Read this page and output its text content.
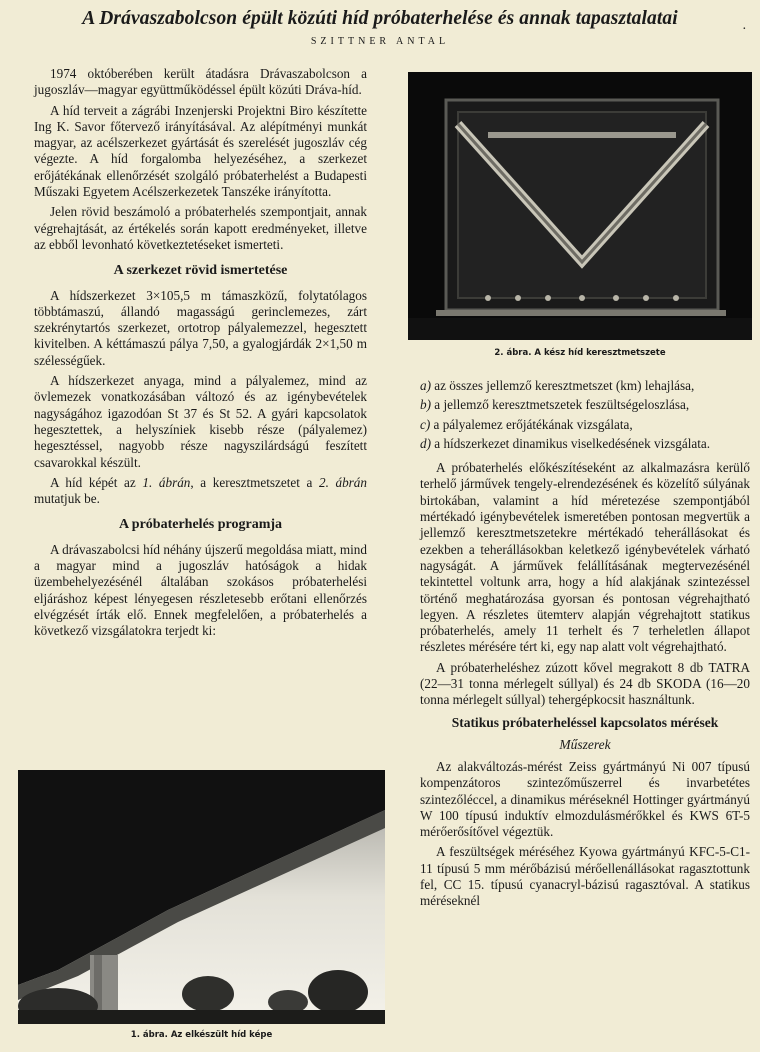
A Drávaszabolcson épült közúti híd próbaterhelése és annak tapasztalatai
SZITTNER ANTAL
·

1974 októberében került átadásra Drávaszabolcson a jugoszláv—magyar együttműködéssel épült közúti Dráva-híd.

A híd terveit a zágrábi Inzenjerski Projektni Biro készítette Ing K. Savor főtervező irányításával. Az alépítményi munkát magyar, az acélszerkezet gyártását és szerelését jugoszláv cég végezte. A híd forgalomba helyezéséhez, a szerkezet erőjátékának ellenőrzését szolgáló próbaterhelést a Budapesti Műszaki Egyetem Acélszerkezetek Tanszéke irányította.

Jelen rövid beszámoló a próbaterhelés szempontjait, annak végrehajtását, az értékelés során kapott eredményeket, illetve az ebből levonható következtetéseket ismerteti.

A szerkezet rövid ismertetése

A hídszerkezet 3×105,5 m támaszközű, folytatólagos többtámaszú, állandó magasságú gerinclemezes, zárt szekrénytartós szerkezet, ortotrop pályalemezzel, hegesztett kivitelben. A kéttámaszú pálya 7,50, a gyalogjárdák 2×1,50 m szélességűek.

A hídszerkezet anyaga, mind a pályalemez, mind az övlemezek vonatkozásában változó és az igénybevételek nagyságához igazodóan St 37 és St 52. A gyári kapcsolatok hegesztettek, a helyszíniek kisebb része (pályalemez) hegesztéssel, nagyobb része nagyszilárdságú feszített csavarokkal készült.

A híd képét az 1. ábrán, a keresztmetszetet a 2. ábrán mutatjuk be.

A próbaterhelés programja

A drávaszabolcsi híd néhány újszerű megoldása miatt, mind a magyar mind a jugoszláv hatóságok a hidak üzembehelyezésénél általában szokásos próbaterhelési eljáráshoz képest lényegesen részletesebb erőtani ellenőrzés elvégzését írták elő. Ennek megfelelően, a próbaterhelés a következő vizsgálatokra terjedt ki:

1. ábra. Az elkészült híd képe
2. ábra. A kész híd keresztmetszete
a) az összes jellemző keresztmetszet (km) lehajlása,
b) a jellemző keresztmetszetek feszültségeloszlása,
c) a pályalemez erőjátékának vizsgálata,
d) a hídszerkezet dinamikus viselkedésének vizsgálata.

A próbaterhelés előkészítéseként az alkalmazásra kerülő terhelő járművek tengely-elrendezésének és közelítő súlyának birtokában, valamint a híd méretezése szempontjából mértékadó igénybevételek ismeretében pontosan megvertük a jellemző keresztmetszetekre mértékadó teherállásokat és ezekben a teherállásokban keletkező igénybevételek várható nagyságát. A járművek felállításának megtervezésénél tekintettel voltunk arra, hogy a híd alakjának szintezéssel történő meghatározása gyorsan és pontosan végrehajtható legyen. A részletes ütemterv alapján végrehajtott statikus próbaterhelés, amely 11 terhelt és 7 terheletlen állapot részletes mérésére tért ki, egy nap alatt volt végrehajtható.

A próbaterheléshez zúzott kővel megrakott 8 db TATRA (22—31 tonna mérlegelt súllyal) és 24 db SKODA (16—20 tonna mérlegelt súllyal) tehergépkocsit használtunk.

Statikus próbaterheléssel kapcsolatos mérések
Műszerek

Az alakváltozás-mérést Zeiss gyártmányú Ni 007 típusú kompenzátoros szintezőműszerrel és invarbetétes szintezőléccel, a dinamikus méréseknél Hottinger gyártmányú W 100 típusú induktív elmozdulásmérőkkel és KWS 6T-5 mérőerősítővel végeztük.

A feszültségek méréséhez Kyowa gyártmányú KFC-5-C1-11 típusú 5 mm mérőbázisú mérőellenállásokat ragasztottunk fel, CC 15. típusú cyanacryl-bázisú ragasztóval. A statikus méréseknél
